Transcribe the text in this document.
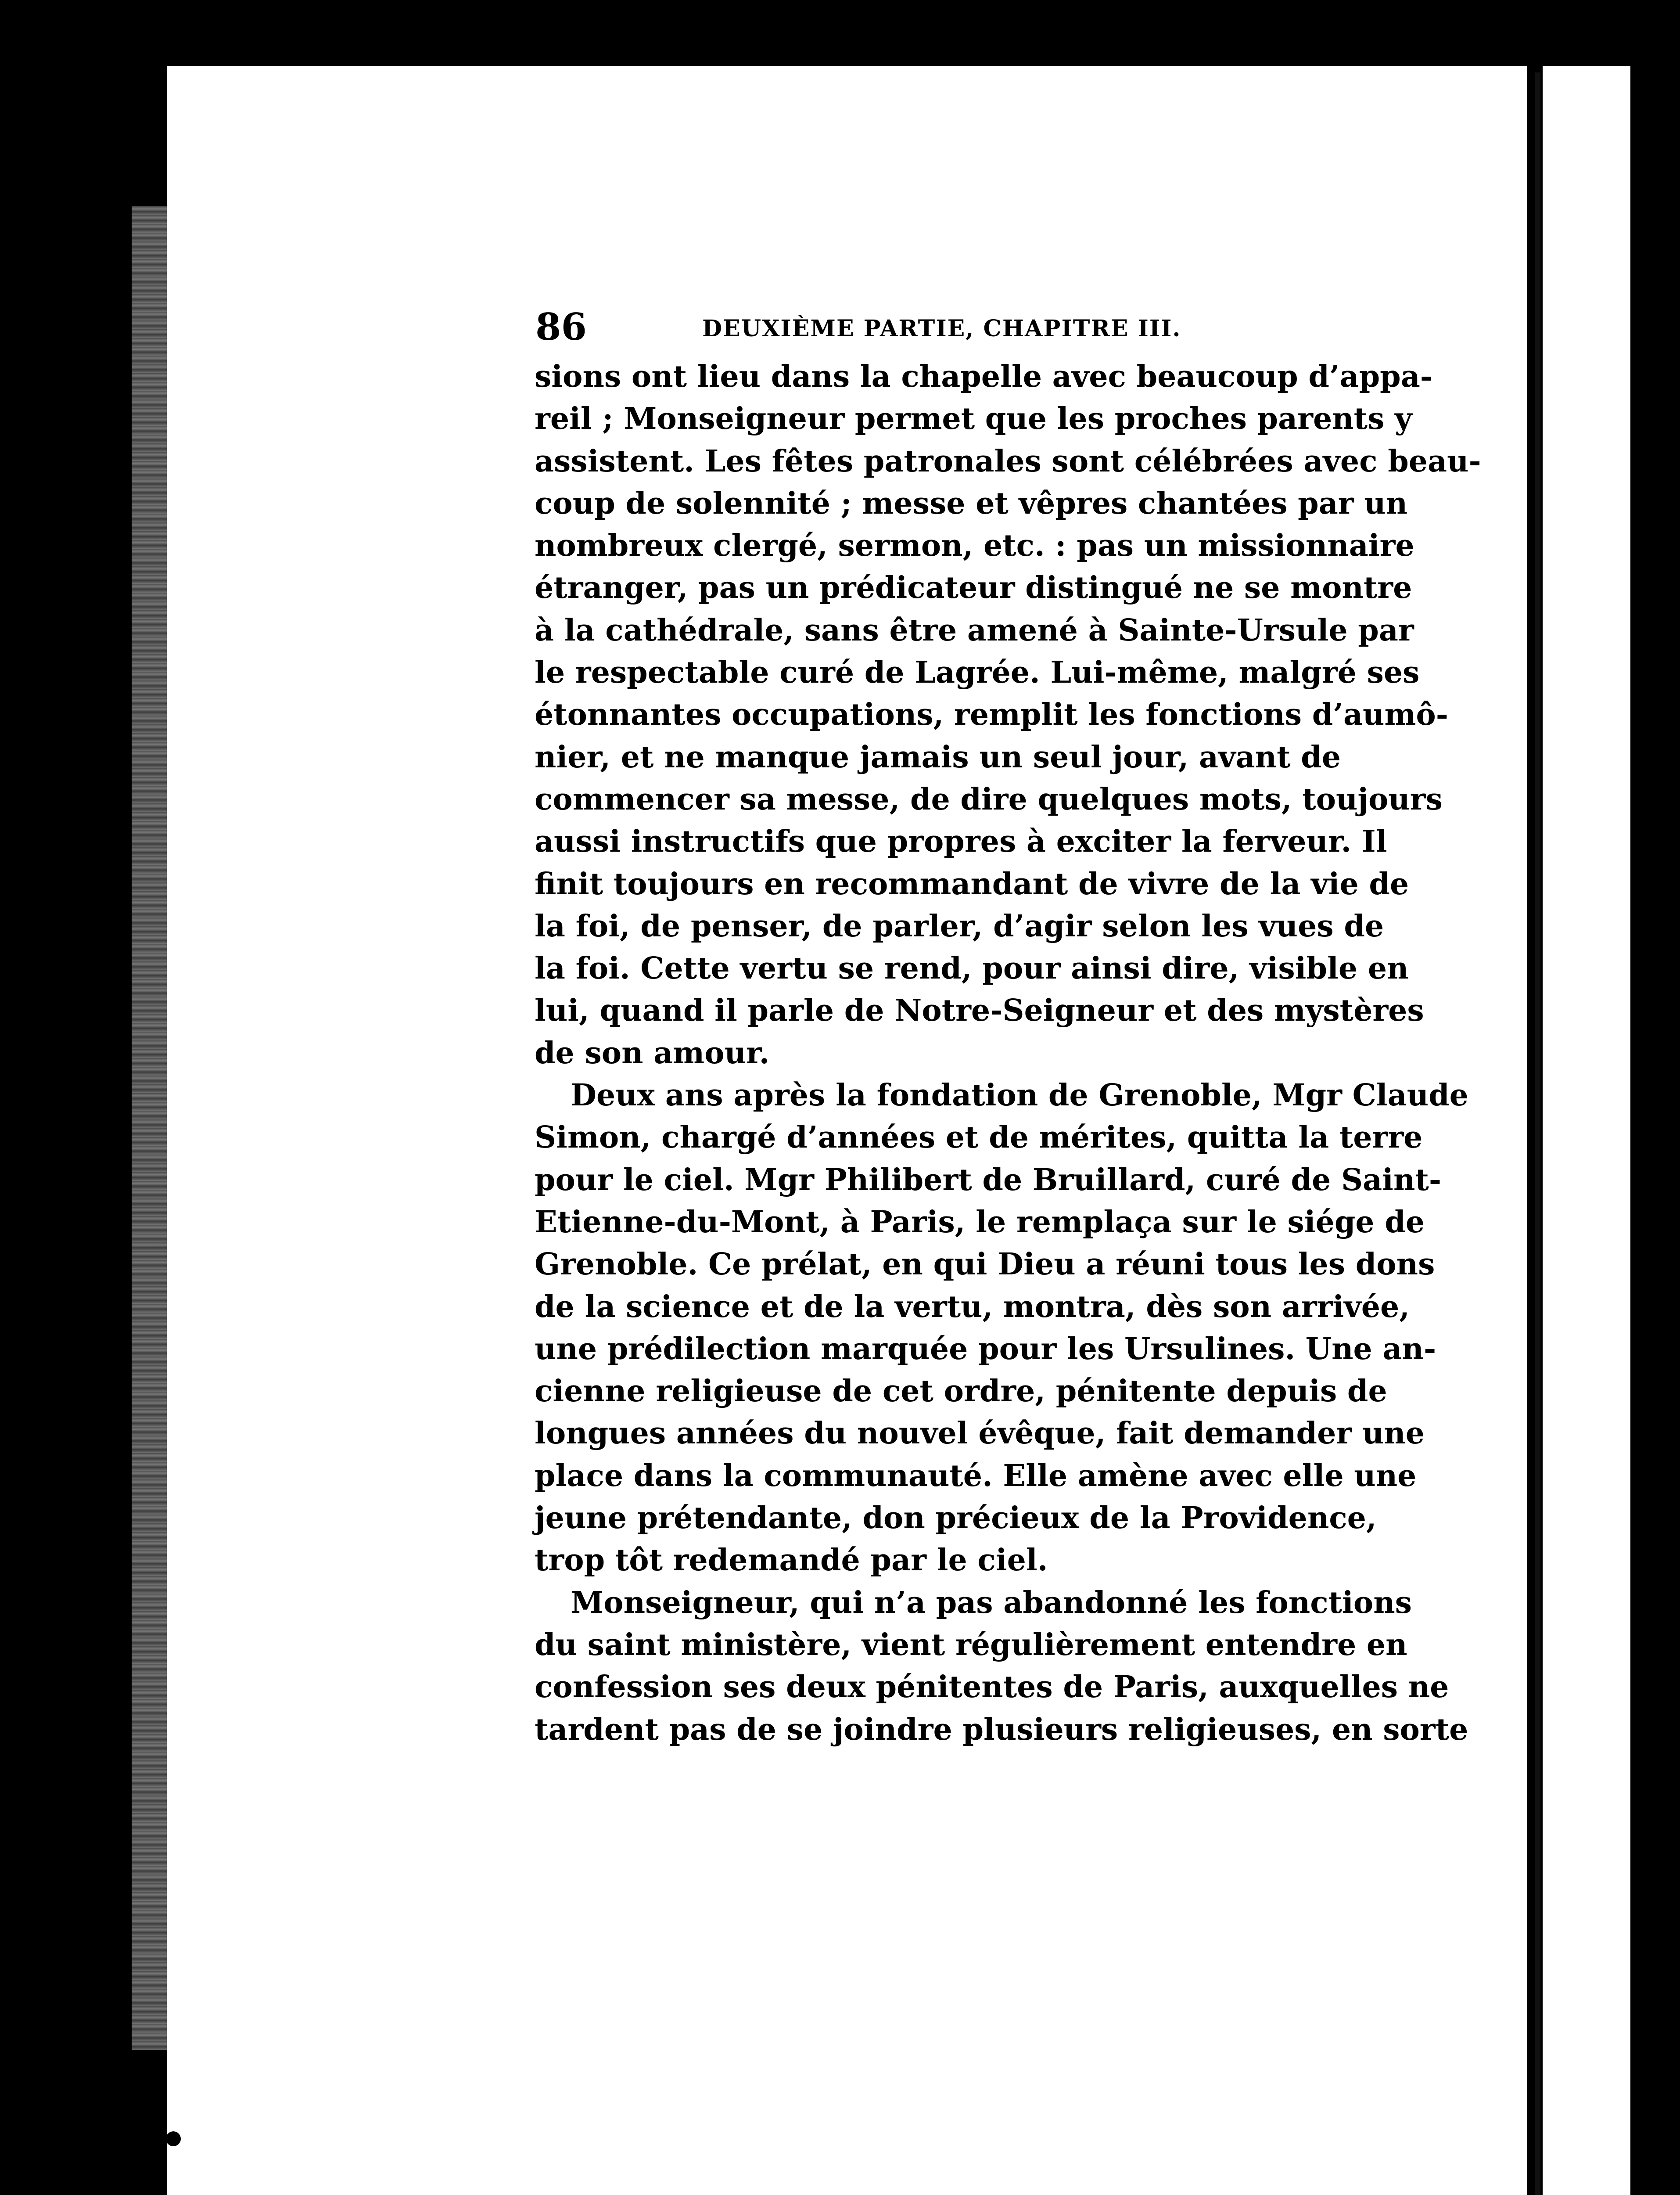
86	DEUXIÈME PARTIE, CHAPITRE III.
sions ont lieu dans la chapelle avec beaucoup d’appa-
reil ; Monseigneur permet que les proches parents y
assistent. Les fêtes patronales sont célébrées avec beau-
coup de solennité ; messe et vêpres chantées par un
nombreux clergé, sermon, etc. : pas un missionnaire
étranger, pas un prédicateur distingué ne se montre
à la cathédrale, sans être amené à Sainte-Ursule par
le respectable curé de Lagrée. Lui-même, malgré ses
étonnantes occupations, remplit les fonctions d’aumô-
nier, et ne manque jamais un seul jour, avant de
commencer sa messe, de dire quelques mots, toujours
aussi instructifs que propres à exciter la ferveur. Il
finit toujours en recommandant de vivre de la vie de
la foi, de penser, de parler, d’agir selon les vues de
la foi. Cette vertu se rend, pour ainsi dire, visible en
lui, quand il parle de Notre-Seigneur et des mystères
de son amour.
Deux ans après la fondation de Grenoble, Mgr Claude
Simon, chargé d’années et de mérites, quitta la terre
pour le ciel. Mgr Philibert de Bruillard, curé de Saint-
Etienne-du-Mont, à Paris, le remplaça sur le siége de
Grenoble. Ce prélat, en qui Dieu a réuni tous les dons
de la science et de la vertu, montra, dès son arrivée,
une prédilection marquée pour les Ursulines. Une an-
cienne religieuse de cet ordre, pénitente depuis de
longues années du nouvel évêque, fait demander une
place dans la communauté. Elle amène avec elle une
jeune prétendante, don précieux de la Providence,
trop tôt redemandé par le ciel.
Monseigneur, qui n’a pas abandonné les fonctions
du saint ministère, vient régulièrement entendre en
confession ses deux pénitentes de Paris, auxquelles ne
tardent pas de se joindre plusieurs religieuses, en sorte
